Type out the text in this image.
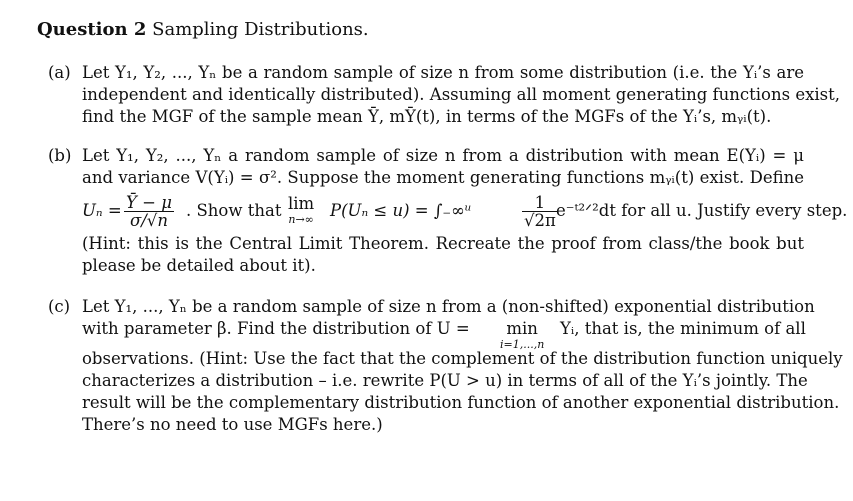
Question 2 Sampling Distributions.
(a) Let Y₁, Y₂, ..., Yₙ be a random sample of size n from some distribution (i.e. the Yᵢ’s are
independent and identically distributed). Assuming all moment generating functions exist,
find the MGF of the sample mean Ȳ, mȲ(t), in terms of the MGFs of the Yᵢ’s, mᵧᵢ(t).
(b) Let Y₁, Y₂, ..., Yₙ a random sample of size n from a distribution with mean E(Yᵢ) = μ
and variance V(Yᵢ) = σ². Suppose the moment generating functions mᵧᵢ(t) exist. Define
$U_n = \frac{Ȳ - \mu}{\sigma/√n}$ . Show that lim
n→∞ P(Uₙ ≤ u) = ∫₋∞ᵘ	$\frac{1}{√2\pi}$
e⁻ᵗ²ᐟ²dt for all u. Justify every step.
(Hint: this is the Central Limit Theorem. Recreate the proof from class/the book but
please be detailed about it).
(c) Let Y₁, ..., Yₙ be a random sample of size n from a (non-shifted) exponential distribution
with parameter β. Find the distribution of U =	min
i=1,...,n
Yᵢ, that is, the minimum of all
observations. (Hint: Use the fact that the complement of the distribution function uniquely
characterizes a distribution – i.e. rewrite P(U > u) in terms of all of the Yᵢ’s jointly. The
result will be the complementary distribution function of another exponential distribution.
There’s no need to use MGFs here.)
